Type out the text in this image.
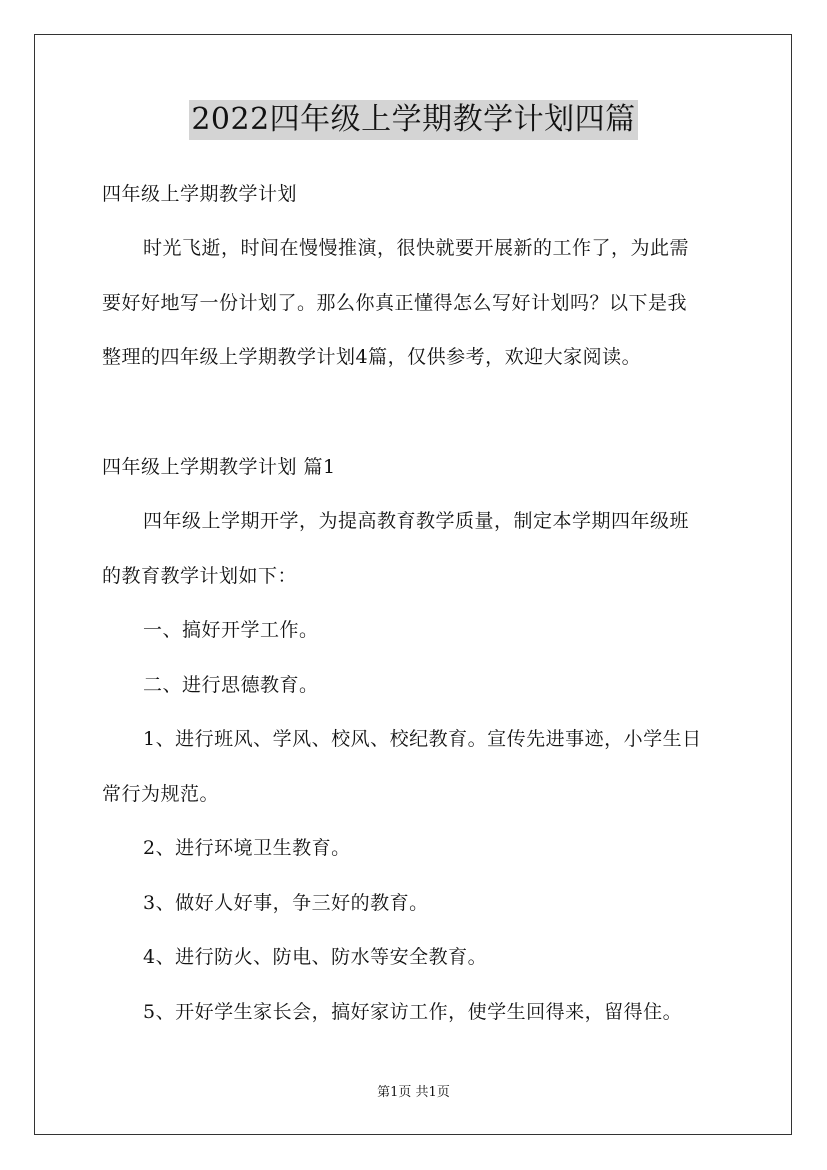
2022四年级上学期教学计划四篇
四年级上学期教学计划
时光飞逝，时间在慢慢推演，很快就要开展新的工作了，为此需
要好好地写一份计划了。那么你真正懂得怎么写好计划吗？以下是我
整理的四年级上学期教学计划4篇，仅供参考，欢迎大家阅读。
四年级上学期教学计划 篇1
四年级上学期开学，为提高教育教学质量，制定本学期四年级班
的教育教学计划如下：
一、搞好开学工作。
二、进行思德教育。
1、进行班风、学风、校风、校纪教育。宣传先进事迹，小学生日
常行为规范。
2、进行环境卫生教育。
3、做好人好事，争三好的教育。
4、进行防火、防电、防水等安全教育。
5、开好学生家长会，搞好家访工作，使学生回得来，留得住。
第1页 共1页
